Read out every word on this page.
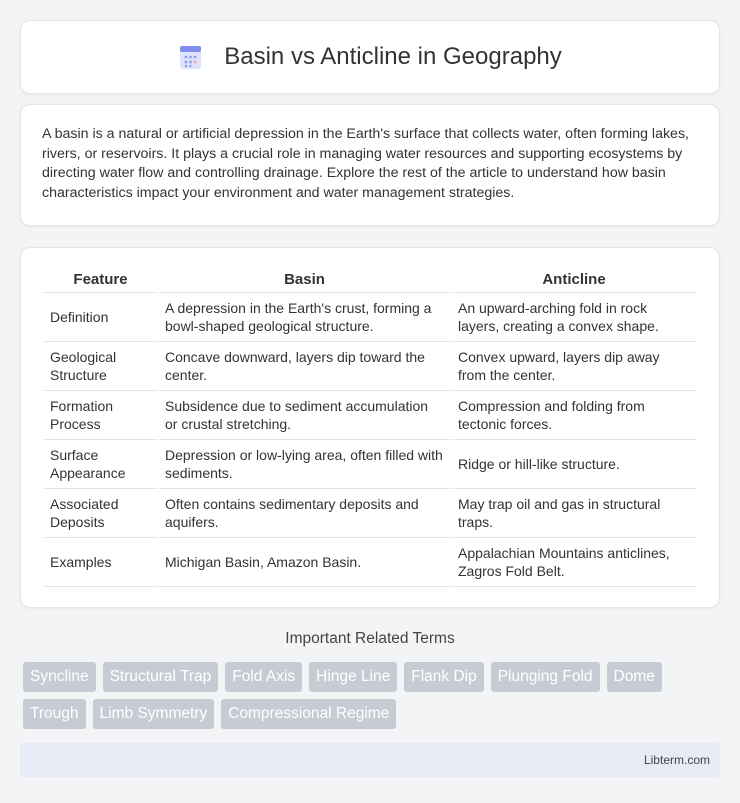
Basin vs Anticline in Geography

A basin is a natural or artificial depression in the Earth's surface that collects water, often forming lakes, rivers, or reservoirs. It plays a crucial role in managing water resources and supporting ecosystems by directing water flow and controlling drainage. Explore the rest of the article to understand how basin characteristics impact your environment and water management strategies.

Feature	Basin	Anticline
Definition	A depression in the Earth's crust, forming a bowl-shaped geological structure.	An upward-arching fold in rock layers, creating a convex shape.
Geological Structure	Concave downward, layers dip toward the center.	Convex upward, layers dip away from the center.
Formation Process	Subsidence due to sediment accumulation or crustal stretching.	Compression and folding from tectonic forces.
Surface Appearance	Depression or low-lying area, often filled with sediments.	Ridge or hill-like structure.
Associated Deposits	Often contains sedimentary deposits and aquifers.	May trap oil and gas in structural traps.
Examples	Michigan Basin, Amazon Basin.	Appalachian Mountains anticlines, Zagros Fold Belt.
Important Related Terms
Syncline	Structural Trap	Fold Axis	Hinge Line	Flank Dip	Plunging Fold	Dome
Trough	Limb Symmetry	Compressional Regime
Libterm.com
